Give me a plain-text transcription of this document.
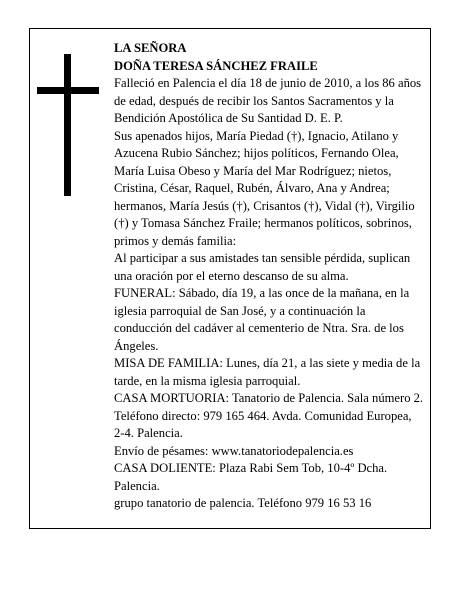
LA SEÑORA

DOÑA TERESA SÁNCHEZ FRAILE

Falleció en Palencia el día 18 de junio de 2010, a los 86 años de edad, después de recibir los Santos Sacramentos y la Bendición Apostólica de Su Santidad D. E. P.

Sus apenados hijos, María Piedad (†), Ignacio, Atilano y Azucena Rubio Sánchez; hijos políticos, Fernando Olea, María Luisa Obeso y María del Mar Rodríguez; nietos, Cristina, César, Raquel, Rubén, Álvaro, Ana y Andrea; hermanos, María Jesús (†), Crisantos (†), Vidal (†), Virgilio (†) y Tomasa Sánchez Fraile; hermanos políticos, sobrinos, primos y demás familia:

Al participar a sus amistades tan sensible pérdida, suplican una oración por el eterno descanso de su alma.

FUNERAL: Sábado, día 19, a las once de la mañana, en la iglesia parroquial de San José, y a continuación la conducción del cadáver al cementerio de Ntra. Sra. de los Ángeles.

MISA DE FAMILIA: Lunes, día 21, a las siete y media de la tarde, en la misma iglesia parroquial.

CASA MORTUORIA: Tanatorio de Palencia. Sala número 2. Teléfono directo: 979 165 464. Avda. Comunidad Europea, 2-4. Palencia.

Envío de pésames: www.tanatoriodepalencia.es

CASA DOLIENTE: Plaza Rabi Sem Tob, 10-4º Dcha. Palencia.

grupo tanatorio de palencia. Teléfono 979 16 53 16
